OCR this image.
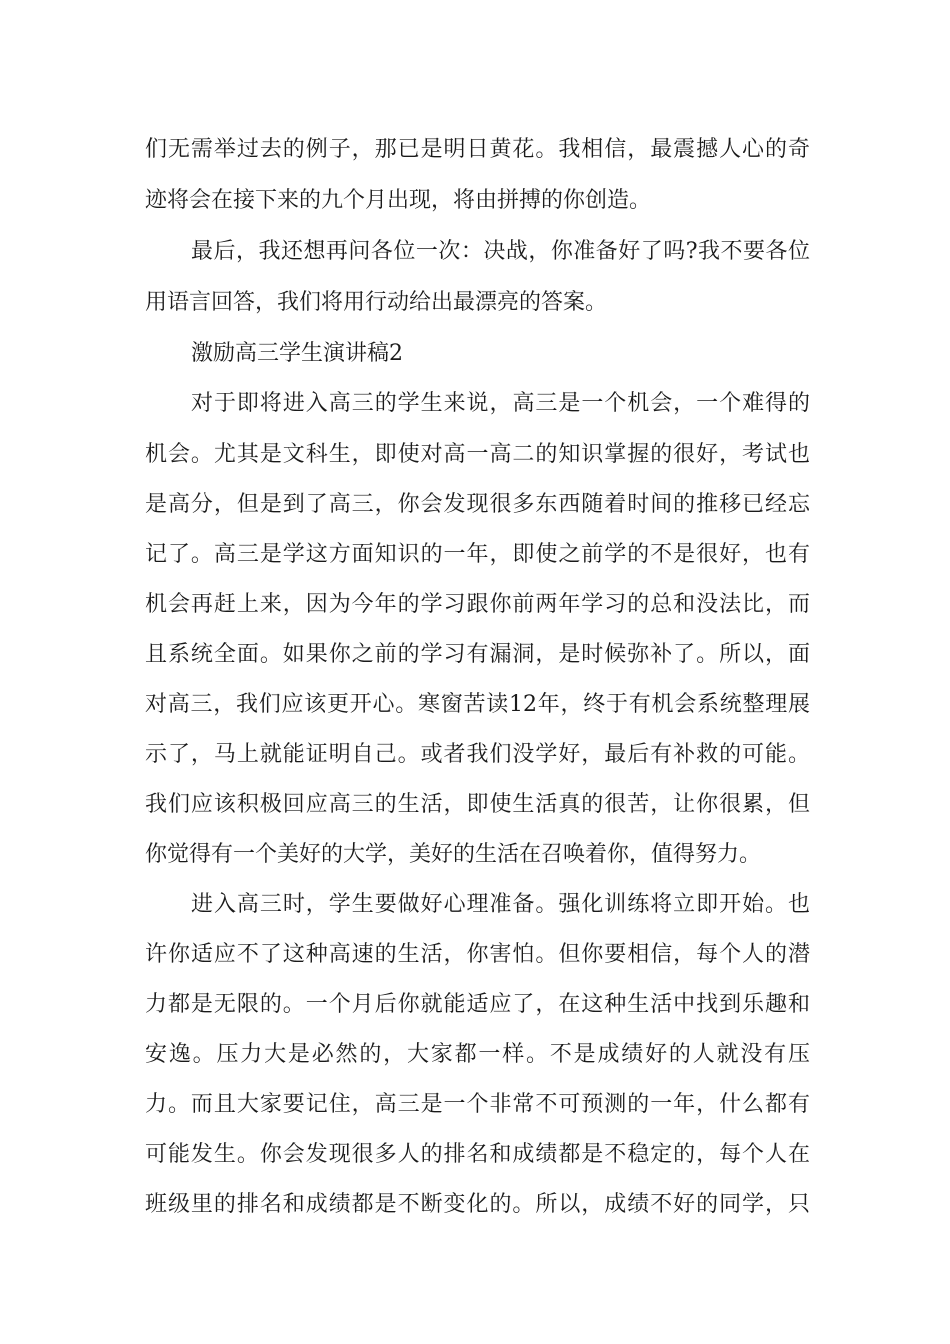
们无需举过去的例子，那已是明日黄花。我相信，最震撼人心的奇
迹将会在接下来的九个月出现，将由拼搏的你创造。
最后，我还想再问各位一次：决战，你准备好了吗?我不要各位
用语言回答，我们将用行动给出最漂亮的答案。
激励高三学生演讲稿2
对于即将进入高三的学生来说，高三是一个机会，一个难得的
机会。尤其是文科生，即使对高一高二的知识掌握的很好，考试也
是高分，但是到了高三，你会发现很多东西随着时间的推移已经忘
记了。高三是学这方面知识的一年，即使之前学的不是很好，也有
机会再赶上来，因为今年的学习跟你前两年学习的总和没法比，而
且系统全面。如果你之前的学习有漏洞，是时候弥补了。所以，面
对高三，我们应该更开心。寒窗苦读12年，终于有机会系统整理展
示了，马上就能证明自己。或者我们没学好，最后有补救的可能。
我们应该积极回应高三的生活，即使生活真的很苦，让你很累，但
你觉得有一个美好的大学，美好的生活在召唤着你，值得努力。
进入高三时，学生要做好心理准备。强化训练将立即开始。也
许你适应不了这种高速的生活，你害怕。但你要相信，每个人的潜
力都是无限的。一个月后你就能适应了，在这种生活中找到乐趣和
安逸。压力大是必然的，大家都一样。不是成绩好的人就没有压
力。而且大家要记住，高三是一个非常不可预测的一年，什么都有
可能发生。你会发现很多人的排名和成绩都是不稳定的，每个人在
班级里的排名和成绩都是不断变化的。所以，成绩不好的同学，只
